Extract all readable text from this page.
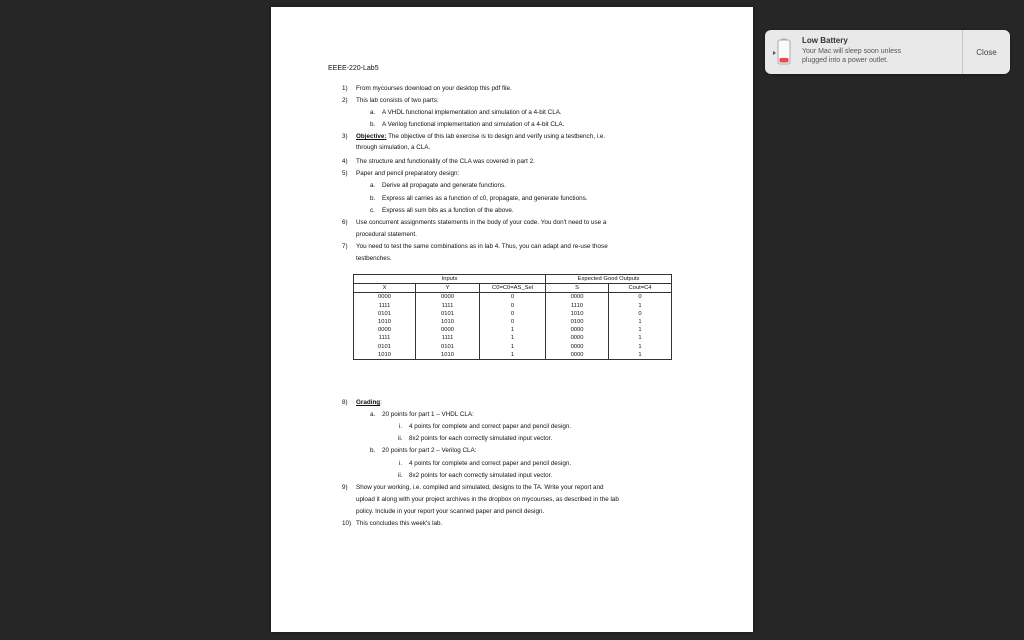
EEEE-220-Lab5
1) From mycourses download on your desktop this pdf file.
2) This lab consists of two parts:
a. A VHDL functional implementation and simulation of a 4-bit CLA.
b. A Verilog functional implementation and simulation of a 4-bit CLA.
3) Objective: The objective of this lab exercise is to design and verify using a testbench, i.e.
through simulation, a CLA.
4) The structure and functionality of the CLA was covered in part 2.
5) Paper and pencil preparatory design:
a. Derive all propagate and generate functions.
b. Express all carries as a function of c0, propagate, and generate functions.
c. Express all sum bits as a function of the above.
6) Use concurrent assignments statements in the body of your code. You don't need to use a
procedural statement.
7) You need to test the same combinations as in lab 4. Thus, you can adapt and re-use those
testbenches.
Inputs			Expected Good Outputs	
X	Y	C0=C0=AS_Sel	S	Cout=C4
0000	0000	0	0000	0
1111	1111	0	1110	1
0101	0101	0	1010	0
1010	1010	0	0100	1
0000	0000	1	0000	1
1111	1111	1	0000	1
0101	0101	1	0000	1
1010	1010	1	0000	1
8) Grading:
a. 20 points for part 1 – VHDL CLA:
i. 4 points for complete and correct paper and pencil design.
ii. 8x2 points for each correctly simulated input vector.
b. 20 points for part 2 – Verilog CLA:
i. 4 points for complete and correct paper and pencil design.
ii. 8x2 points for each correctly simulated input vector.
9) Show your working, i.e. compiled and simulated, designs to the TA. Write your report and
upload it along with your project archives in the dropbox on mycourses, as described in the lab
policy. Include in your report your scanned paper and pencil design.
10) This concludes this week's lab.
Low Battery
Your Mac will sleep soon unless plugged into a power outlet.
Close
